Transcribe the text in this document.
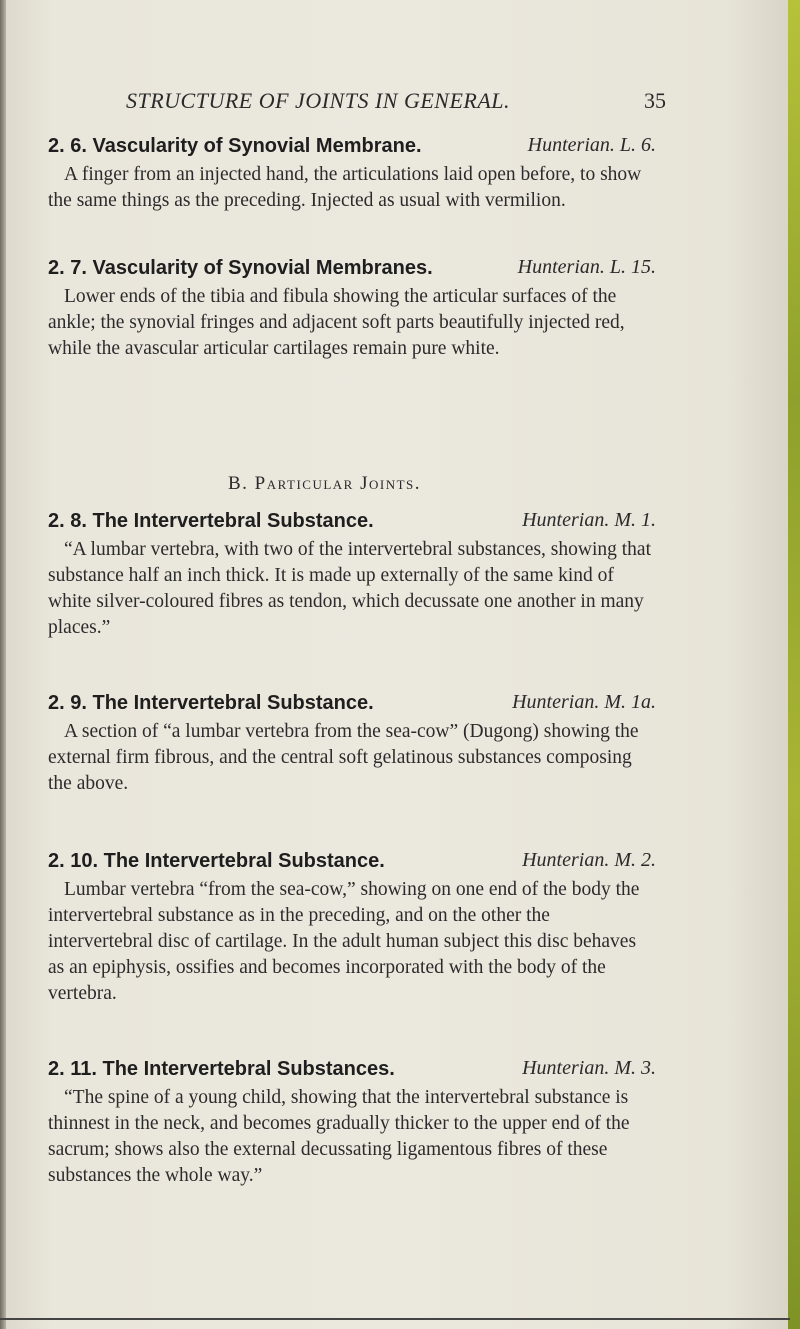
STRUCTURE OF JOINTS IN GENERAL.	35
2. 6. Vascularity of Synovial Membrane.	Hunterian. L. 6.

A finger from an injected hand, the articulations laid open before, to show the same things as the preceding. Injected as usual with vermilion.

2. 7. Vascularity of Synovial Membranes.	Hunterian. L. 15.

Lower ends of the tibia and fibula showing the articular surfaces of the ankle; the synovial fringes and adjacent soft parts beautifully injected red, while the avascular articular cartilages remain pure white.

B. Particular Joints.
2. 8. The Intervertebral Substance.	Hunterian. M. 1.

“A lumbar vertebra, with two of the intervertebral substances, showing that substance half an inch thick. It is made up externally of the same kind of white silver-coloured fibres as tendon, which decussate one another in many places.”

2. 9. The Intervertebral Substance.	Hunterian. M. 1a.

A section of “a lumbar vertebra from the sea-cow” (Dugong) showing the external firm fibrous, and the central soft gelatinous substances composing the above.

2. 10. The Intervertebral Substance.	Hunterian. M. 2.

Lumbar vertebra “from the sea-cow,” showing on one end of the body the intervertebral substance as in the preceding, and on the other the intervertebral disc of cartilage. In the adult human subject this disc behaves as an epiphysis, ossifies and becomes incorporated with the body of the vertebra.

2. 11. The Intervertebral Substances.	Hunterian. M. 3.

“The spine of a young child, showing that the intervertebral substance is thinnest in the neck, and becomes gradually thicker to the upper end of the sacrum; shows also the external decussating ligamentous fibres of these substances the whole way.”
